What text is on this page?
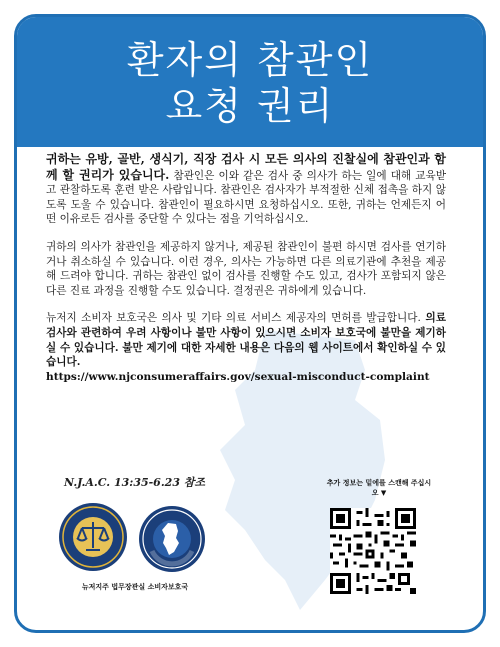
환자의 참관인
요청 권리

귀하는 유방, 골반, 생식기, 직장 검사 시 모든 의사의 진찰실에 참관인과 함께 할 권리가 있습니다. 참관인은 이와 같은 검사 중 의사가 하는 일에 대해 교육받고 관찰하도록 훈련 받은 사람입니다. 참관인은 검사자가 부적절한 신체 접촉을 하지 않도록 도울 수 있습니다. 참관인이 필요하시면 요청하십시오. 또한, 귀하는 언제든지 어떤 이유로든 검사를 중단할 수 있다는 점을 기억하십시오.

귀하의 의사가 참관인을 제공하지 않거나, 제공된 참관인이 불편 하시면 검사를 연기하거나 취소하실 수 있습니다. 이런 경우, 의사는 가능하면 다른 의료기관에 추천을 제공해 드려야 합니다. 귀하는 참관인 없이 검사를 진행할 수도 있고, 검사가 포함되지 않은 다른 진료 과정을 진행할 수도 있습니다. 결정권은 귀하에게 있습니다.

뉴저지 소비자 보호국은 의사 및 기타 의료 서비스 제공자의 면허를 발급합니다. 의료 검사와 관련하여 우려 사항이나 불만 사항이 있으시면 소비자 보호국에 불만을 제기하실 수 있습니다. 불만 제기에 대한 자세한 내용은 다음의 웹 사이트에서 확인하실 수 있습니다.
https://www.njconsumeraffairs.gov/sexual-misconduct-complaint

N.J.A.C. 13:35-6.23 참조	추가 정보는 밑에를 스캔해 주십시오 ▼
뉴저지주 법무장관실 소비자보호국
